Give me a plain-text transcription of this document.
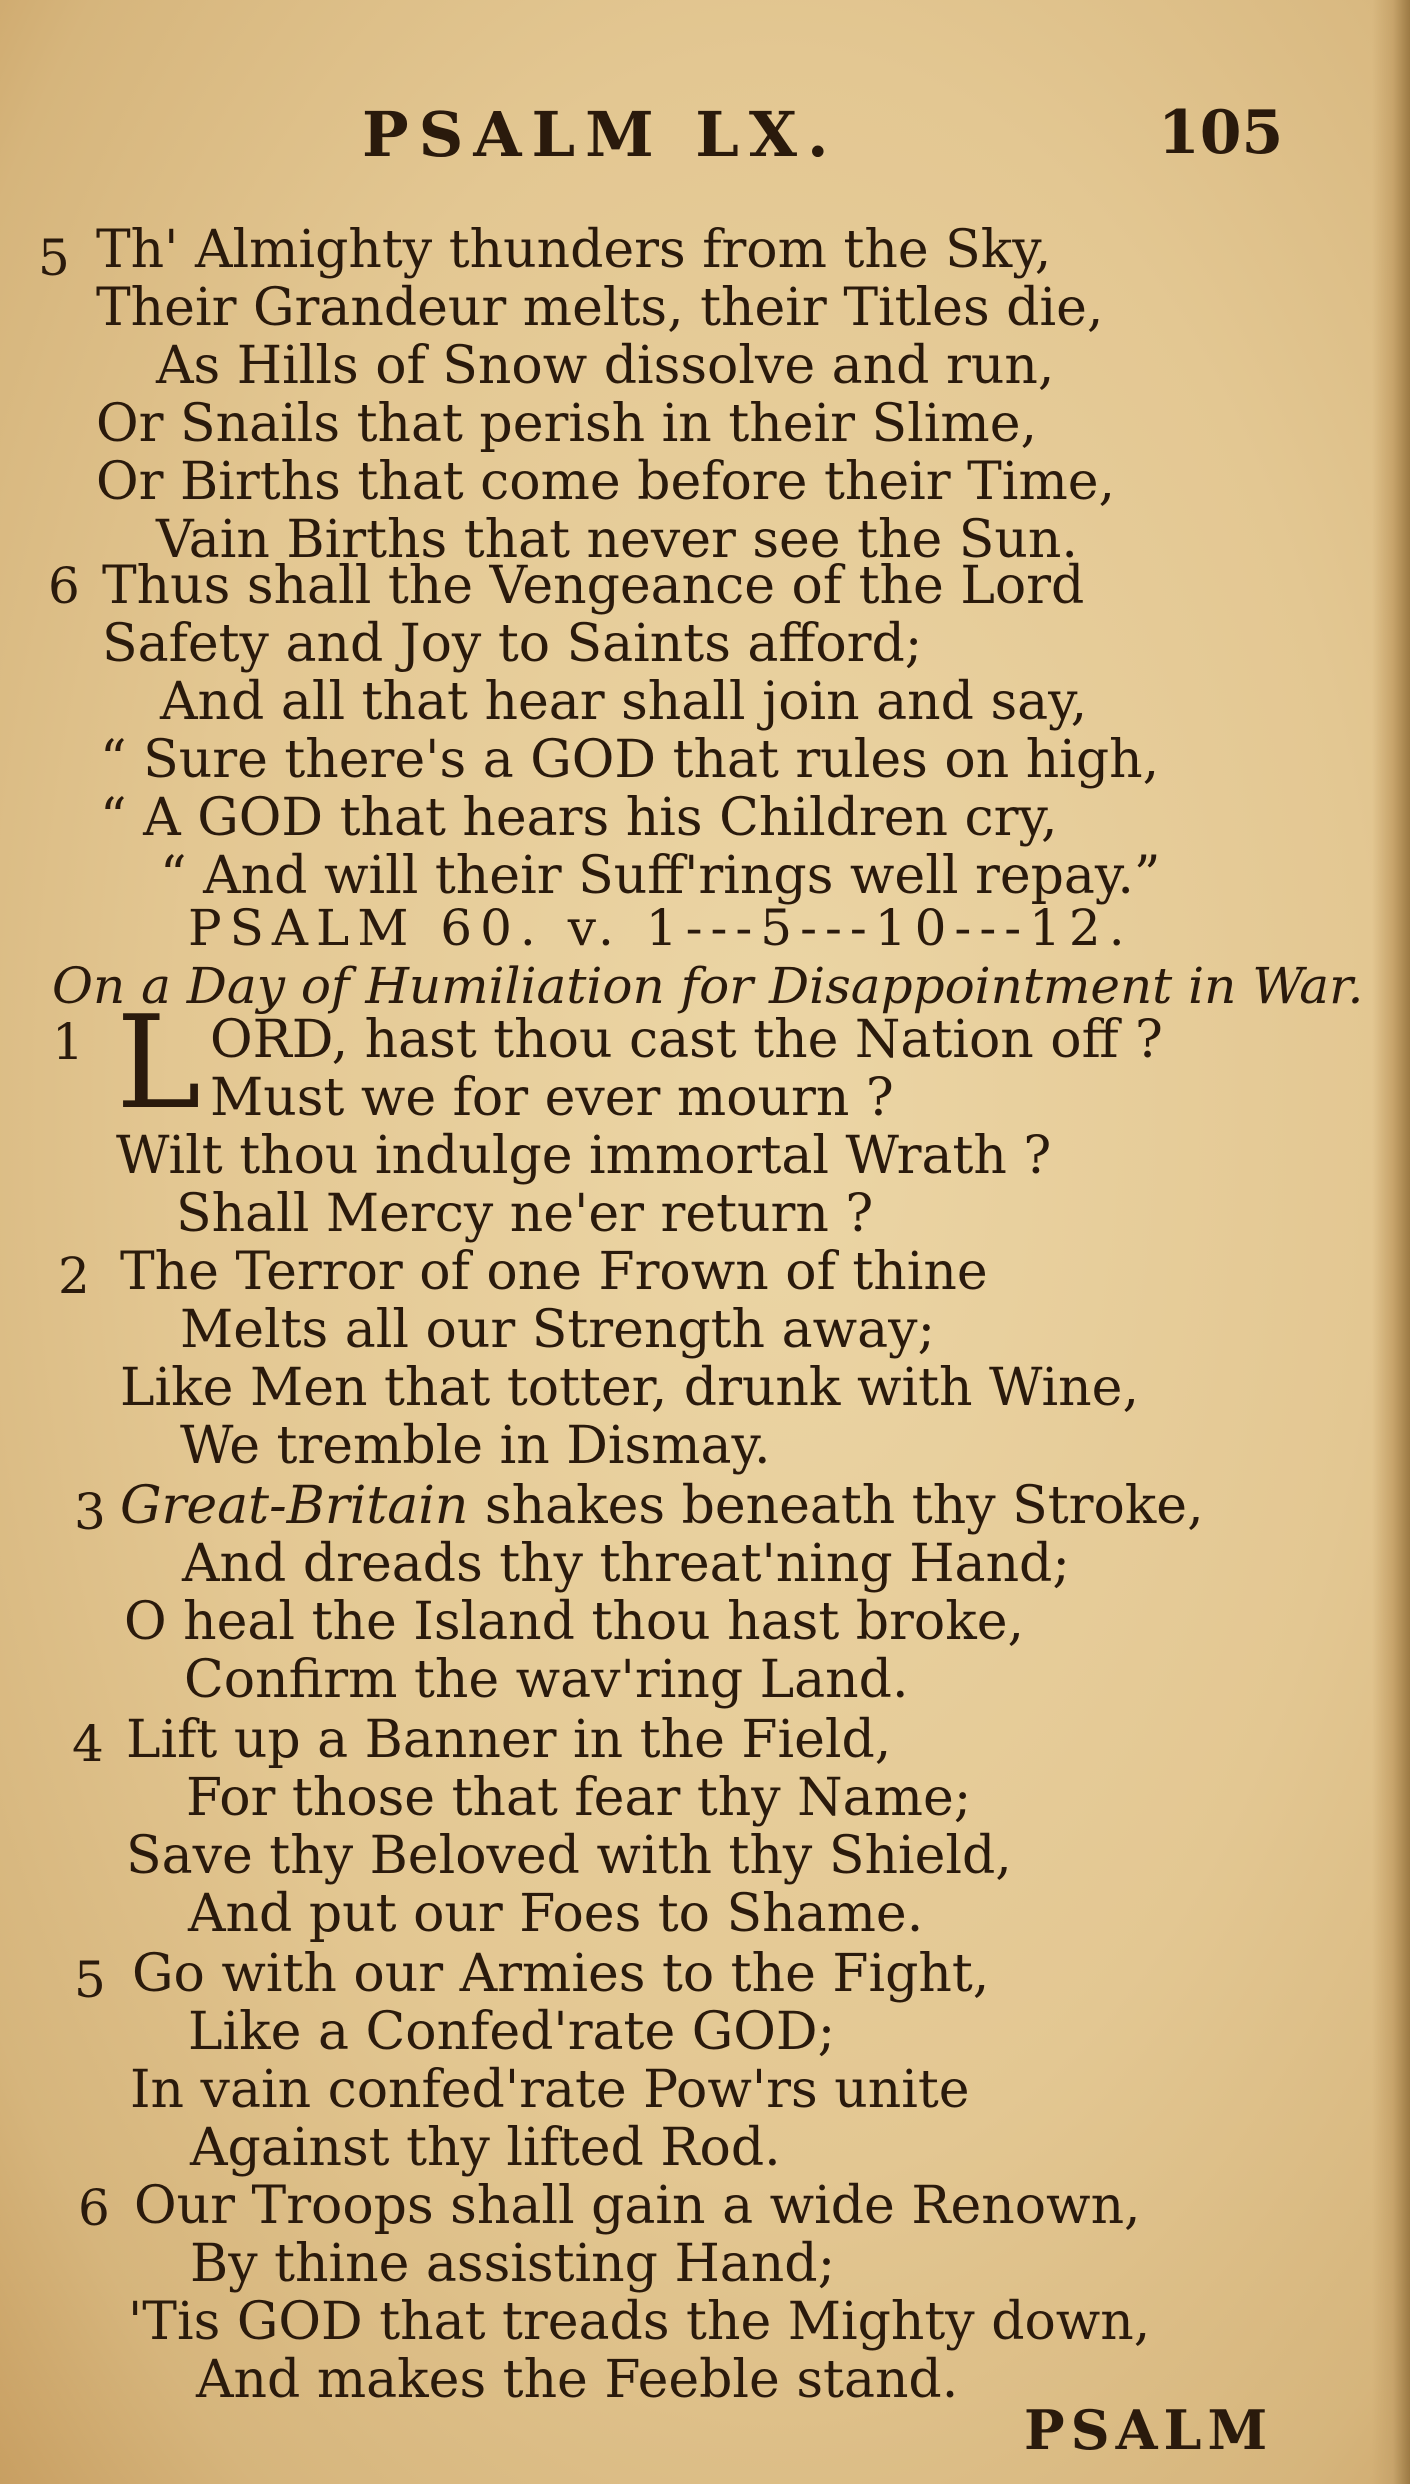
PSALM LX.	105
5 Th' Almighty thunders from the Sky,
Their Grandeur melts, their Titles die,
As Hills of Snow dissolve and run,
Or Snails that perish in their Slime,
Or Births that come before their Time,
Vain Births that never see the Sun.
6 Thus shall the Vengeance of the Lord
Safety and Joy to Saints afford;
And all that hear shall join and say,
“ Sure there's a GOD that rules on high,
“ A GOD that hears his Children cry,
“ And will their Suff'rings well repay.”
PSALM 60. v. 1---5---10---12.
On a Day of Humiliation for Disappointment in War.
1 L ORD, hast thou cast the Nation off ?
Must we for ever mourn ?
Wilt thou indulge immortal Wrath ?
Shall Mercy ne'er return ?
2 The Terror of one Frown of thine
Melts all our Strength away;
Like Men that totter, drunk with Wine,
We tremble in Dismay.
3 Great-Britain shakes beneath thy Stroke,
And dreads thy threat'ning Hand;
O heal the Island thou hast broke,
Confirm the wav'ring Land.
4 Lift up a Banner in the Field,
For those that fear thy Name;
Save thy Beloved with thy Shield,
And put our Foes to Shame.
5 Go with our Armies to the Fight,
Like a Confed'rate GOD;
In vain confed'rate Pow'rs unite
Against thy lifted Rod.
6 Our Troops shall gain a wide Renown,
By thine assisting Hand;
'Tis GOD that treads the Mighty down,
And makes the Feeble stand.
PSALM
